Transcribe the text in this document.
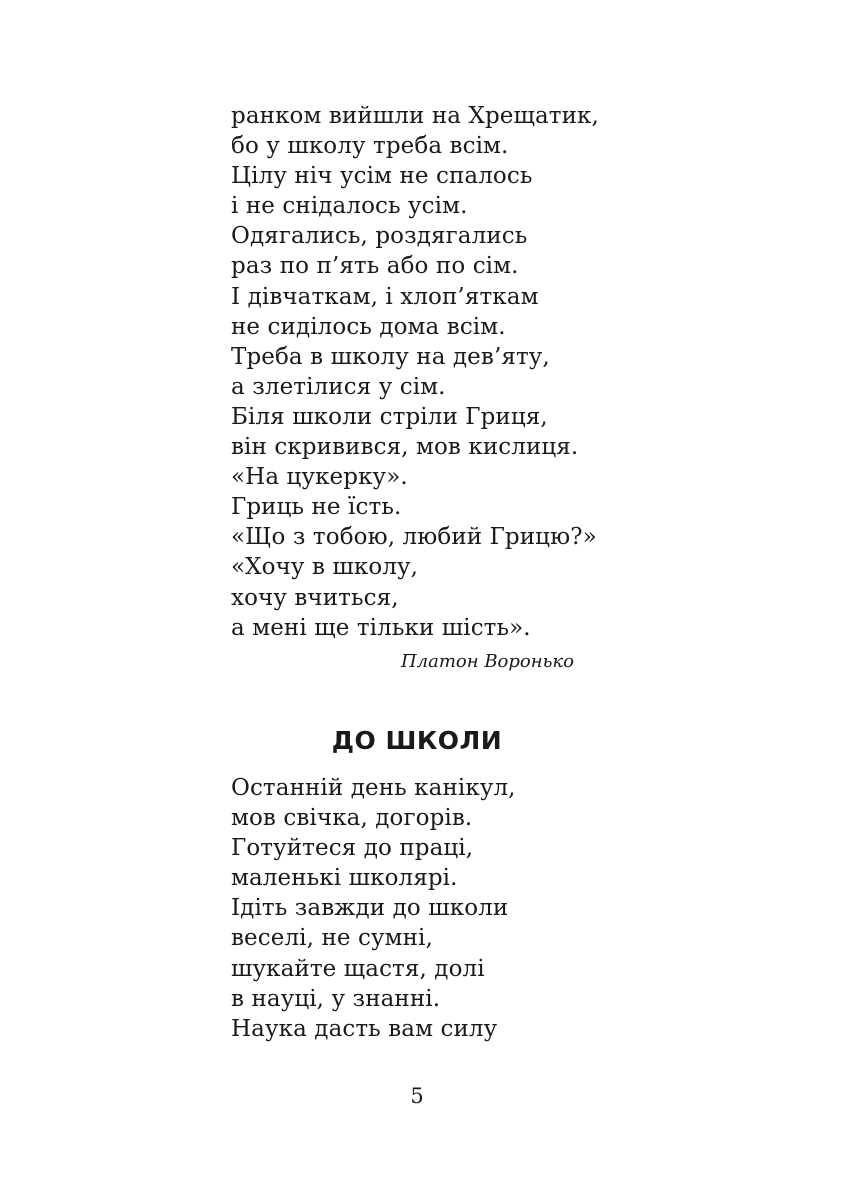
ранком вийшли на Хрещатик,
бо у школу треба всім.
Цілу ніч усім не спалось
і не снідалось усім.
Одягались, роздягались
раз по п’ять або по сім.
І дівчаткам, і хлоп’яткам
не сиділось дома всім.
Треба в школу на дев’яту,
а злетілися у сім.
Біля школи стріли Гриця,
він скривився, мов кислиця.
«На цукерку».
Гриць не їсть.
«Що з тобою, любий Грицю?»
«Хочу в школу,
хочу вчиться,
а мені ще тільки шість».
Платон Воронько
ДО ШКОЛИ
Останній день канікул,
мов свічка, догорів.
Готуйтеся до праці,
маленькі школярі.
Ідіть завжди до школи
веселі, не сумні,
шукайте щастя, долі
в науці, у знанні.
Наука дасть вам силу
5
